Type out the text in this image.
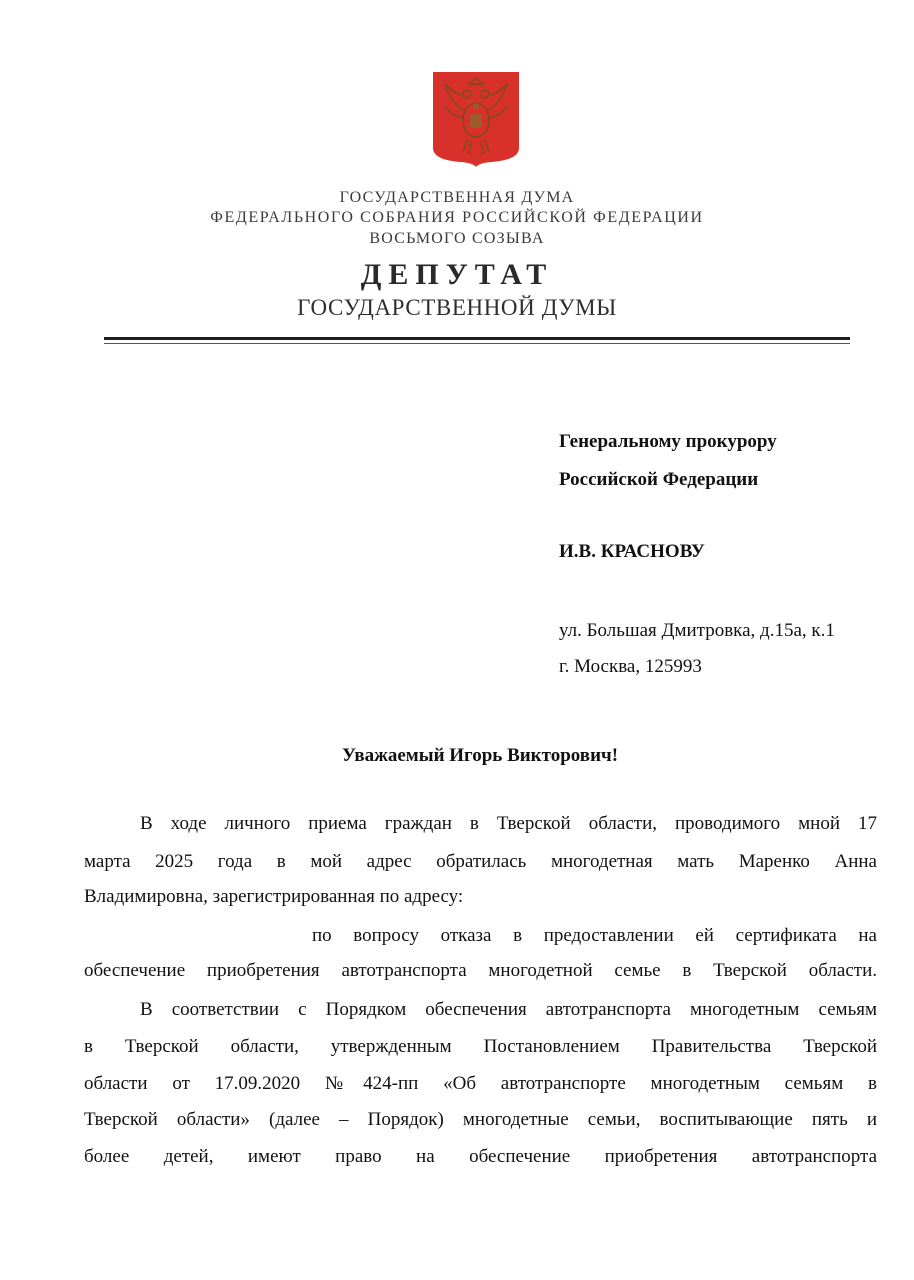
ГОСУДАРСТВЕННАЯ ДУМА
ФЕДЕРАЛЬНОГО СОБРАНИЯ РОССИЙСКОЙ ФЕДЕРАЦИИ
ВОСЬМОГО СОЗЫВА
ДЕПУТАТ
ГОСУДАРСТВЕННОЙ ДУМЫ
Генеральному прокурору
Российской Федерации
И.В. КРАСНОВУ
ул. Большая Дмитровка, д.15а, к.1
г. Москва, 125993
Уважаемый Игорь Викторович!
В ходе личного приема граждан в Тверской области, проводимого мной 17
марта 2025 года в мой адрес обратилась многодетная мать Маренко Анна
Владимировна, зарегистрированная по адресу:
по вопросу отказа в предоставлении ей сертификата на
обеспечение приобретения автотранспорта многодетной семье в Тверской области.
В соответствии с Порядком обеспечения автотранспорта многодетным семьям
в Тверской области, утвержденным Постановлением Правительства Тверской
области от 17.09.2020 №424-пп «Об автотранспорте многодетным семьям в
Тверской области» (далее – Порядок) многодетные семьи, воспитывающие пять и
более детей, имеют право на обеспечение приобретения автотранспорта
